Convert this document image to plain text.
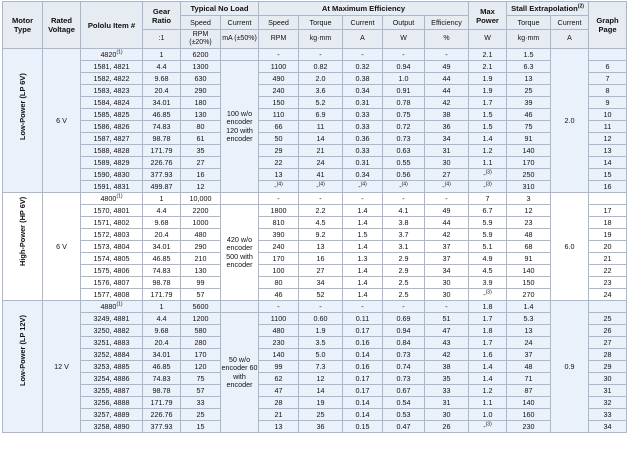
Motor Type	Rated Voltage	Pololu Item #	Gear Ratio	Typical No Load		At Maximum Efficiency					Max Power	Stall Extrapolation$^{(2)}$		Graph Page
				Speed	Current	Speed	Torque	Current	Output	Efficiency		Torque	Current	
			:1	RPM (±20%)	mA (±50%)	RPM	kg·mm	A	W	%	W	kg·mm	A	

Low-Power (LP 6V)	6 V	4820$^{(1)}$	1	6200		-	-	-	-	-	2.1	1.5	2.0	
		1581, 4821	4.4	1300	100 w/o encoder 120 with encoder	1100	0.82	0.32	0.94	49	2.1	6.3		6
		1582, 4822	9.68	630		490	2.0	0.38	1.0	44	1.9	13		7
		1583, 4823	20.4	290		240	3.6	0.34	0.91	44	1.9	25		8
		1584, 4824	34.01	180		150	5.2	0.31	0.78	42	1.7	39		9
		1585, 4825	46.85	130		110	6.9	0.33	0.75	38	1.5	46		10
		1586, 4826	74.83	80		66	11	0.33	0.72	36	1.5	75		11
		1587, 4827	98.78	61		50	14	0.36	0.73	34	1.4	91		12
		1588, 4828	171.79	35		29	21	0.33	0.63	31	1.2	140		13
		1589, 4829	226.76	27		22	24	0.31	0.55	30	1.1	170		14
		1590, 4830	377.93	16		13	41	0.34	0.56	27	-$^{(3)}$	250		15
		1591, 4831	499.87	12		-$^{(4)}$	-$^{(4)}$	-$^{(4)}$	-$^{(4)}$	-$^{(4)}$	-$^{(3)}$	310		16

High-Power (HP 6V)	6 V	4800$^{(1)}$	1	10,000		-	-	-	-	-	7	3	6.0	
		1570, 4801	4.4	2200	420 w/o encoder 500 with encoder	1800	2.2	1.4	4.1	49	6.7	12		17
		1571, 4802	9.68	1000		810	4.5	1.4	3.8	44	5.9	23		18
		1572, 4803	20.4	480		390	9.2	1.5	3.7	42	5.9	48		19
		1573, 4804	34.01	290		240	13	1.4	3.1	37	5.1	68		20
		1574, 4805	46.85	210		170	16	1.3	2.9	37	4.9	91		21
		1575, 4806	74.83	130		100	27	1.4	2.9	34	4.5	140		22
		1576, 4807	98.78	99		80	34	1.4	2.5	30	3.9	150		23
		1577, 4808	171.79	57		46	52	1.4	2.5	30	-$^{(3)}$	270		24

Low-Power (LP 12V)	12 V	4880$^{(1)}$	1	5600		-	-	-	-	-	1.8	1.4	0.9	
		3249, 4881	4.4	1200	50 w/o encoder 60 with encoder	1100	0.60	0.11	0.69	51	1.7	5.3		25
		3250, 4882	9.68	580		480	1.9	0.17	0.94	47	1.8	13		26
		3251, 4883	20.4	280		230	3.5	0.16	0.84	43	1.7	24		27
		3252, 4884	34.01	170		140	5.0	0.14	0.73	42	1.6	37		28
		3253, 4885	46.85	120		99	7.3	0.16	0.74	38	1.4	48		29
		3254, 4886	74.83	75		62	12	0.17	0.73	35	1.4	71		30
		3255, 4887	98.78	57		47	14	0.17	0.67	33	1.2	87		31
		3256, 4888	171.79	33		28	19	0.14	0.54	31	1.1	140		32
		3257, 4889	226.76	25		21	25	0.14	0.53	30	1.0	160		33
		3258, 4890	377.93	15		13	36	0.15	0.47	26	-$^{(3)}$	230		34
